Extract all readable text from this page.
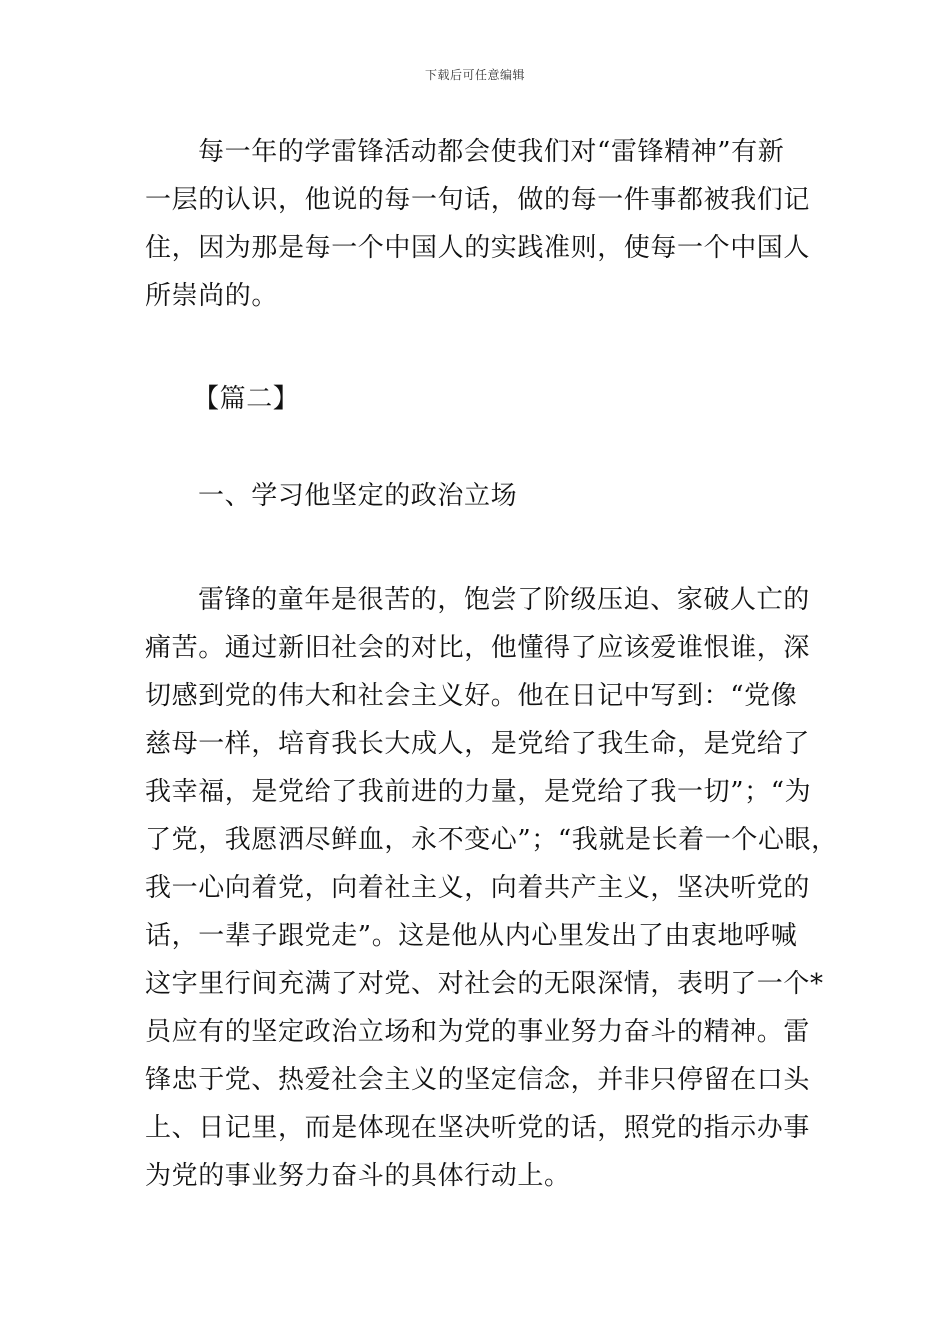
下载后可任意编辑
每一年的学雷锋活动都会使我们对“雷锋精神”有新
一层的认识，他说的每一句话，做的每一件事都被我们记
住，因为那是每一个中国人的实践准则，使每一个中国人
所崇尚的。
【篇二】
一、学习他坚定的政治立场
雷锋的童年是很苦的，饱尝了阶级压迫、家破人亡的
痛苦。通过新旧社会的对比，他懂得了应该爱谁恨谁，深
切感到党的伟大和社会主义好。他在日记中写到：“党像
慈母一样，培育我长大成人，是党给了我生命，是党给了
我幸福，是党给了我前进的力量，是党给了我一切”；“为
了党，我愿洒尽鲜血，永不变心”；“我就是长着一个心眼，
我一心向着党，向着社主义，向着共产主义，坚决听党的
话，一辈子跟党走”。这是他从内心里发出了由衷地呼喊
这字里行间充满了对党、对社会的无限深情，表明了一个*
员应有的坚定政治立场和为党的事业努力奋斗的精神。雷
锋忠于党、热爱社会主义的坚定信念，并非只停留在口头
上、日记里，而是体现在坚决听党的话，照党的指示办事
为党的事业努力奋斗的具体行动上。
